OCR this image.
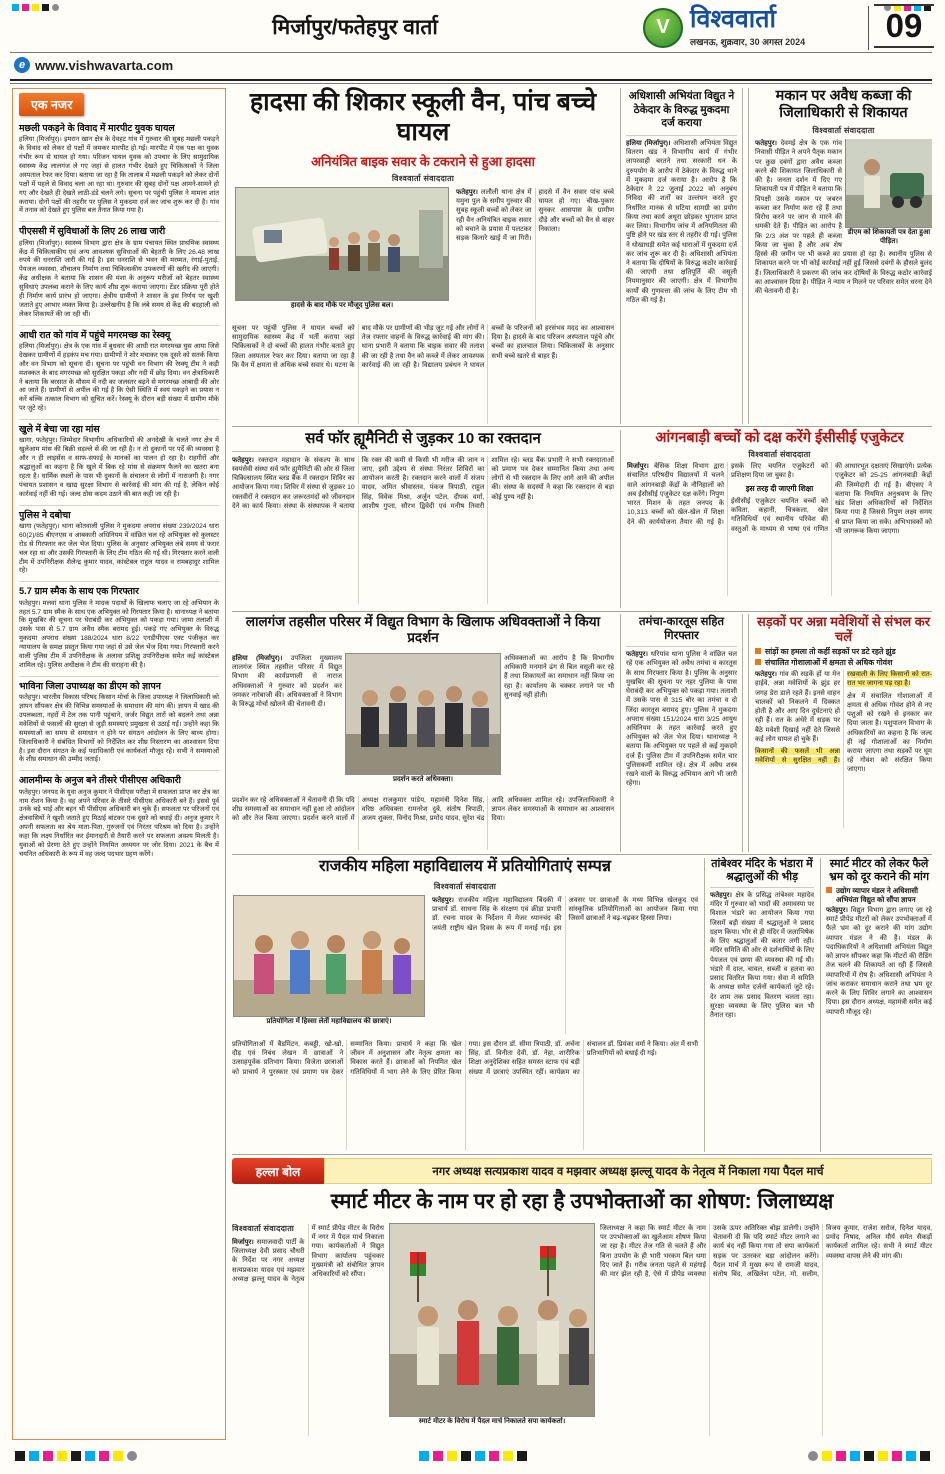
मिर्जापुर/फतेहपुर वार्ता	V विश्ववार्ता
लखनऊ, शुक्रवार, 30 अगस्त 2024 09
e www.vishwavarta.com
एक नजर
मछली पकड़ने के विवाद में मारपीट युवक घायल
हलिया (मिर्जापुर)। इमरान खान क्षेत्र के देवहट गांव में गुरुवार की सुबह मछली पकड़ने के विवाद को लेकर दो पक्षों में जमकर मारपीट हो गई। मारपीट में एक पक्ष का युवक गंभीर रूप से घायल हो गया। परिजन घायल युवक को उपचार के लिए सामुदायिक स्वास्थ्य केंद्र लालगंज ले गए जहां से हालत गंभीर देखते हुए चिकित्सकों ने जिला अस्पताल रेफर कर दिया। बताया जा रहा है कि तालाब में मछली पकड़ने को लेकर दोनों पक्षों में पहले से विवाद चला आ रहा था। गुरुवार की सुबह दोनों पक्ष आमने-सामने हो गए और देखते ही देखते लाठी-डंडे चलने लगे। सूचना पर पहुंची पुलिस ने मामला शांत कराया। दोनों पक्षों की तहरीर पर पुलिस ने मुकदमा दर्ज कर जांच शुरू कर दी है। गांव में तनाव को देखते हुए पुलिस बल तैनात किया गया है।
पीएससी में सुविधाओं के लिए 26 लाख जारी
हलिया (मिर्जापुर)। स्वास्थ्य विभाग द्वारा क्षेत्र के ग्राम पंचायत स्थित प्राथमिक स्वास्थ्य केंद्र में चिकित्सकीय एवं अन्य आवश्यक सुविधाओं की बेहतरी के लिए 26.48 लाख रुपये की धनराशि जारी की गई है। इस धनराशि से भवन की मरम्मत, रंगाई-पुताई, पेयजल व्यवस्था, शौचालय निर्माण तथा चिकित्सकीय उपकरणों की खरीद की जाएगी। केंद्र अधीक्षक ने बताया कि शासन की मंशा के अनुरूप मरीजों को बेहतर स्वास्थ्य सुविधाएं उपलब्ध कराने के लिए कार्य शीघ्र शुरू कराया जाएगा। टेंडर प्रक्रिया पूरी होते ही निर्माण कार्य प्रारंभ हो जाएगा। क्षेत्रीय ग्रामीणों ने शासन के इस निर्णय पर खुशी जताते हुए आभार व्यक्त किया है। उल्लेखनीय है कि लंबे समय से केंद्र की बदहाली को लेकर शिकायतें की जा रही थीं।
आधी रात को गांव में पहुंचे मगरमच्छ का रेस्क्यू
हलिया (मिर्जापुर)। क्षेत्र के एक गांव में बुधवार की आधी रात मगरमच्छ घुस आया जिसे देखकर ग्रामीणों में हड़कंप मच गया। ग्रामीणों ने शोर मचाकर एक दूसरे को सतर्क किया और वन विभाग को सूचना दी। सूचना पर पहुंची वन विभाग की रेस्क्यू टीम ने कड़ी मशक्कत के बाद मगरमच्छ को सुरक्षित पकड़ा और नदी में छोड़ दिया। वन क्षेत्राधिकारी ने बताया कि बरसात के मौसम में नदी का जलस्तर बढ़ने से मगरमच्छ आबादी की ओर आ जाते हैं। ग्रामीणों से अपील की गई है कि ऐसी स्थिति में स्वयं पकड़ने का प्रयास न करें बल्कि तत्काल विभाग को सूचित करें। रेस्क्यू के दौरान बड़ी संख्या में ग्रामीण मौके पर जुटे रहे।
खुले में बेचा जा रहा मांस
खागा, फतेहपुर। जिम्मेदार विभागीय अधिकारियों की अनदेखी के चलते नगर क्षेत्र में खुलेआम मांस की बिक्री धड़ल्ले से की जा रही है। न तो दुकानों पर पर्दे की व्यवस्था है और न ही लाइसेंस व साफ-सफाई के मानकों का पालन हो रहा है। राहगीरों और श्रद्धालुओं का कहना है कि खुले में बिक रहे मांस से संक्रमण फैलने का खतरा बना रहता है। धार्मिक स्थलों के पास भी दुकानों के संचालन से लोगों में नाराजगी है। नगर पंचायत प्रशासन व खाद्य सुरक्षा विभाग से कार्रवाई की मांग की गई है, लेकिन कोई कार्रवाई नहीं की गई। जल्द ठोस कदम उठाने की बात कही जा रही है।
पुलिस ने दबोचा
खागा (फतेहपुर)। थाना कोतवाली पुलिस ने मुकदमा अपराध संख्या 239/2024 धारा 60(2)/85 बीएनएस व आबकारी अधिनियम में वांछित चल रहे अभियुक्त को कुलस्टर रोड से गिरफ्तार कर जेल भेज दिया। पुलिस के अनुसार अभियुक्त लंबे समय से फरार चल रहा था और उसकी गिरफ्तारी के लिए टीम गठित की गई थी। गिरफ्तार करने वाली टीम में उपनिरीक्षक शैलेन्द्र कुमार यादव, कांस्टेबल राहुल यादव व रामबहादुर शामिल रहे।
5.7 ग्राम स्मैक के साथ एक गिरफ्तार
फतेहपुर। मलवां थाना पुलिस ने मादक पदार्थों के खिलाफ चलाए जा रहे अभियान के तहत 5.7 ग्राम स्मैक के साथ एक अभियुक्त को गिरफ्तार किया है। थानाध्यक्ष ने बताया कि मुखबिर की सूचना पर घेराबंदी कर अभियुक्त को पकड़ा गया। जामा तलाशी में उसके पास से 5.7 ग्राम अवैध स्मैक बरामद हुई। पकड़े गए अभियुक्त के विरुद्ध मुकदमा अपराध संख्या 188/2024 धारा 8/22 एनडीपीएस एक्ट पंजीकृत कर न्यायालय के समक्ष प्रस्तुत किया गया जहां से उसे जेल भेज दिया गया। गिरफ्तारी करने वाली पुलिस टीम में उपनिरीक्षक के अलावा प्रशिक्षु उपनिरीक्षक समेत कई कांस्टेबल शामिल रहे। पुलिस अधीक्षक ने टीम की सराहना की है।
भाविना जिला उपाध्यक्ष का डीएम को ज्ञापन
फतेहपुर। भारतीय विकास परिषद किसान मोर्चा के जिला उपाध्यक्ष ने जिलाधिकारी को ज्ञापन सौंपकर क्षेत्र की विभिन्न समस्याओं के समाधान की मांग की। ज्ञापन में खाद की उपलब्धता, नहरों में टेल तक पानी पहुंचाने, जर्जर विद्युत तारों को बदलने तथा अन्ना मवेशियों से फसलों की सुरक्षा से जुड़ी समस्याएं प्रमुखता से उठाई गईं। उन्होंने कहा कि समस्याओं का समय से समाधान न होने पर संगठन आंदोलन के लिए बाध्य होगा। जिलाधिकारी ने संबंधित विभागों को निर्देशित कर शीघ्र निस्तारण का आश्वासन दिया है। इस दौरान संगठन के कई पदाधिकारी एवं कार्यकर्ता मौजूद रहे। सभी ने समस्याओं के शीघ्र समाधान की उम्मीद जताई।
आलमीम्स के अनुज बने तीसरे पीसीएस अधिकारी
फतेहपुर। जनपद के युवा अनुज कुमार ने पीसीएस परीक्षा में सफलता प्राप्त कर क्षेत्र का नाम रोशन किया है। वह अपने परिवार के तीसरे पीसीएस अधिकारी बने हैं। इससे पूर्व उनके बड़े भाई और बहन भी पीसीएस अधिकारी बन चुके हैं। सफलता पर परिजनों एवं क्षेत्रवासियों ने खुशी जताते हुए मिठाई बांटकर एक दूसरे को बधाई दी। अनुज कुमार ने अपनी सफलता का श्रेय माता-पिता, गुरुजनों एवं निरंतर परिश्रम को दिया है। उन्होंने कहा कि लक्ष्य निर्धारित कर ईमानदारी से तैयारी करने पर सफलता अवश्य मिलती है। युवाओं को प्रेरणा देते हुए उन्होंने नियमित अध्ययन पर जोर दिया। 2021 के बैच में चयनित अधिकारी के रूप में वह जल्द पदभार ग्रहण करेंगे।
हादसा की शिकार स्कूली वैन, पांच बच्चे घायल
अनियंत्रित बाइक सवार के टकराने से हुआ हादसा
विश्ववार्ता संवाददाता
हादसे के बाद मौके पर मौजूद पुलिस बल।

फतेहपुर। ललौली थाना क्षेत्र में यमुना पुल के समीप गुरुवार की सुबह स्कूली बच्चों को लेकर जा रही वैन अनियंत्रित बाइक सवार को बचाने के प्रयास में पलटकर सड़क किनारे खाई में जा गिरी। हादसे में वैन सवार पांच बच्चे घायल हो गए। चीख-पुकार सुनकर आसपास के ग्रामीण दौड़े और बच्चों को वैन से बाहर निकाला।

सूचना पर पहुंची पुलिस ने घायल बच्चों को सामुदायिक स्वास्थ्य केंद्र में भर्ती कराया जहां चिकित्सकों ने दो बच्चों की हालत गंभीर बताते हुए जिला अस्पताल रेफर कर दिया। बताया जा रहा है कि वैन में क्षमता से अधिक बच्चे सवार थे। घटना के बाद मौके पर ग्रामीणों की भीड़ जुट गई और लोगों ने तेज रफ्तार वाहनों के विरुद्ध कार्रवाई की मांग की। थाना प्रभारी ने बताया कि बाइक सवार की तलाश की जा रही है तथा वैन को कब्जे में लेकर आवश्यक कार्रवाई की जा रही है। विद्यालय प्रबंधन ने घायल बच्चों के परिजनों को हरसंभव मदद का आश्वासन दिया है। हादसे के बाद परिजन अस्पताल पहुंचे और बच्चों का हालचाल लिया। चिकित्सकों के अनुसार सभी बच्चे खतरे से बाहर हैं।

अधिशासी अभियंता विद्युत ने ठेकेदार के विरुद्ध मुकदमा दर्ज कराया

हलिया (मिर्जापुर)। अधिशासी अभियंता विद्युत वितरण खंड ने विभागीय कार्य में गंभीर लापरवाही बरतने तथा सरकारी धन के दुरुपयोग के आरोप में ठेकेदार के विरुद्ध थाने में मुकदमा दर्ज कराया है। आरोप है कि ठेकेदार ने 22 जुलाई 2022 को अनुबंध निविदा की शर्तों का उल्लंघन करते हुए निर्धारित मानक से घटिया सामग्री का प्रयोग किया तथा कार्य अधूरा छोड़कर भुगतान प्राप्त कर लिया। विभागीय जांच में अनियमितता की पुष्टि होने पर खंड स्तर से तहरीर दी गई। पुलिस ने धोखाधड़ी समेत कई धाराओं में मुकदमा दर्ज कर जांच शुरू कर दी है। अधिशासी अभियंता ने बताया कि दोषियों के विरुद्ध कठोर कार्रवाई की जाएगी तथा क्षतिपूर्ति की वसूली नियमानुसार की जाएगी। क्षेत्र में विभागीय कार्यों की गुणवत्ता की जांच के लिए टीम भी गठित की गई है।

मकान पर अवैध कब्जा की जिलाधिकारी से शिकायत
विश्ववार्ता संवाददाता
डीएम को शिकायती पत्र देता हुआ पीड़ित।

फतेहपुर। देवमई क्षेत्र के एक गांव निवासी पीड़ित ने अपने पैतृक मकान पर कुछ दबंगों द्वारा अवैध कब्जा करने की शिकायत जिलाधिकारी से की है। जनता दर्शन में दिए गए शिकायती पत्र में पीड़ित ने बताया कि विपक्षी उसके मकान पर जबरन कब्जा कर निर्माण करा रहे हैं तथा विरोध करने पर जान से मारने की धमकी देते हैं। पीड़ित का आरोप है कि 2/3 अंश पर पहले ही कब्जा किया जा चुका है और अब शेष हिस्से की जमीन पर भी कब्जे का प्रयास हो रहा है। स्थानीय पुलिस से शिकायत करने पर भी कोई कार्रवाई नहीं हुई जिससे दबंगों के हौसले बुलंद हैं। जिलाधिकारी ने प्रकरण की जांच कर दोषियों के विरुद्ध कठोर कार्रवाई का आश्वासन दिया है। पीड़ित ने न्याय न मिलने पर परिवार समेत धरना देने की चेतावनी दी है।

सर्व फॉर ह्यूमैनिटी से जुड़कर 10 का रक्तदान

फतेहपुर। रक्तदान महादान के संकल्प के साथ स्वयंसेवी संस्था सर्व फॉर ह्यूमैनिटी की ओर से जिला चिकित्सालय स्थित ब्लड बैंक में रक्तदान शिविर का आयोजन किया गया। शिविर में संस्था से जुड़कर 10 रक्तवीरों ने रक्तदान कर जरूरतमंदों को जीवनदान देने का कार्य किया। संस्था के संस्थापक ने बताया कि रक्त की कमी से किसी भी मरीज की जान न जाए, इसी उद्देश्य से संस्था निरंतर शिविरों का आयोजन करती है। रक्तदान करने वालों में संजय यादव, अमित श्रीवास्तव, पंकज त्रिपाठी, राहुल सिंह, विवेक मिश्रा, अर्जुन पटेल, दीपक वर्मा, आशीष गुप्ता, सौरभ द्विवेदी एवं मनीष तिवारी शामिल रहे। ब्लड बैंक प्रभारी ने सभी रक्तदाताओं को प्रमाण पत्र देकर सम्मानित किया तथा अन्य लोगों से भी रक्तदान के लिए आगे आने की अपील की। संस्था के सदस्यों ने कहा कि रक्तदान से बड़ा कोई पुण्य नहीं है।

आंगनबाड़ी बच्चों को दक्ष करेंगे ईसीसीई एजुकेटर
विश्ववार्ता संवाददाता

मिर्जापुर। बेसिक शिक्षा विभाग द्वारा संचालित परिषदीय विद्यालयों में चलने वाले आंगनबाड़ी केंद्रों के नौनिहालों को अब ईसीसीई एजुकेटर दक्ष करेंगे। निपुण भारत मिशन के तहत जनपद के 10,313 बच्चों को खेल-खेल में शिक्षा देने की कार्ययोजना तैयार की गई है। इसके लिए चयनित एजुकेटरों को प्रशिक्षण दिया जा चुका है।

इस तरह दी जाएगी शिक्षा

ईसीसीई एजुकेटर चयनित बच्चों को कविता, कहानी, चित्रकला, खेल गतिविधियों एवं स्थानीय परिवेश की वस्तुओं के माध्यम से भाषा एवं गणित की आधारभूत दक्षताएं सिखाएंगे। प्रत्येक एजुकेटर को 25-25 आंगनबाड़ी केंद्रों की जिम्मेदारी दी गई है। बीएसए ने बताया कि नियमित अनुश्रवण के लिए खंड शिक्षा अधिकारियों को निर्देशित किया गया है जिससे निपुण लक्ष्य समय से प्राप्त किया जा सके। अभिभावकों को भी जागरूक किया जाएगा।

लालगंज तहसील परिसर में विद्युत विभाग के खिलाफ अधिवक्ताओं ने किया प्रदर्शन

हलिया (मिर्जापुर)। उपजिला मुख्यालय लालगंज स्थित तहसील परिसर में विद्युत विभाग की कार्यप्रणाली से नाराज अधिवक्ताओं ने गुरुवार को प्रदर्शन कर जमकर नारेबाजी की। अधिवक्ताओं ने विभाग के विरुद्ध मोर्चा खोलने की चेतावनी दी।

प्रदर्शन करते अधिवक्ता।

अधिवक्ताओं का आरोप है कि विभागीय अधिकारी मनमाने ढंग से बिल वसूली कर रहे हैं तथा शिकायतों का समाधान नहीं किया जा रहा है। कार्यालय के चक्कर लगाने पर भी सुनवाई नहीं होती।

प्रदर्शन कर रहे अधिवक्ताओं ने चेतावनी दी कि यदि शीघ्र समस्याओं का समाधान नहीं हुआ तो आंदोलन को और तेज किया जाएगा। प्रदर्शन करने वालों में अध्यक्ष राजकुमार पांडेय, महामंत्री दिनेश सिंह, वरिष्ठ अधिवक्ता रामनरेश दुबे, संतोष त्रिपाठी, अजय शुक्ला, विनोद मिश्रा, प्रमोद यादव, सुरेश चंद्र आदि अधिवक्ता शामिल रहे। उपजिलाधिकारी ने ज्ञापन लेकर समस्याओं के समाधान का आश्वासन दिया।

तमंचा-कारतूस सहित गिरफ्तार

फतेहपुर। थरियांव थाना पुलिस ने वांछित चल रहे एक अभियुक्त को अवैध तमंचा व कारतूस के साथ गिरफ्तार किया है। पुलिस के अनुसार मुखबिर की सूचना पर नहर पुलिया के पास घेराबंदी कर अभियुक्त को पकड़ा गया। तलाशी में उसके पास से 315 बोर का तमंचा व दो जिंदा कारतूस बरामद हुए। पुलिस ने मुकदमा अपराध संख्या 151/2024 धारा 3/25 आयुध अधिनियम के तहत कार्रवाई करते हुए अभियुक्त को जेल भेज दिया। थानाध्यक्ष ने बताया कि अभियुक्त पर पहले से कई मुकदमे दर्ज हैं। पुलिस टीम में उपनिरीक्षक समेत चार पुलिसकर्मी शामिल रहे। क्षेत्र में अवैध शस्त्र रखने वालों के विरुद्ध अभियान आगे भी जारी रहेगा।

सड़कों पर अन्ना मवेशियों से संभल कर चलें
सांड़ों का हमला तो कहीं सड़कों पर डटे रहते झुंड
संचालित गोशालाओं में क्षमता से अधिक गोवंश

फतेहपुर। गांव की सड़कें हों या मेन हाईवे, अन्ना मवेशियों के झुंड हर जगह डेरा डाले रहते हैं। इनसे वाहन चालकों को निकलने में दिक्कत होती है और आए दिन दुर्घटनाएं हो रही हैं। रात के अंधेरे में सड़क पर बैठे मवेशी दिखाई नहीं देते जिससे कई लोग घायल हो चुके हैं।

किसानों की फसलें भी अन्ना मवेशियों से सुरक्षित नहीं हैं। रखवाली के लिए किसानों को रात-रात भर जागना पड़ रहा है।

क्षेत्र में संचालित गोशालाओं में क्षमता से अधिक गोवंश होने से नए पशुओं को रखने से इनकार कर दिया जाता है। पशुपालन विभाग के अधिकारियों का कहना है कि जल्द ही नई गोशालाओं का निर्माण कराया जाएगा तथा सड़कों पर घूम रहे गोवंश को संरक्षित किया जाएगा।

राजकीय महिला महाविद्यालय में प्रतियोगिताएं सम्पन्न
विश्ववार्ता संवाददाता
प्रतियोगिता में हिस्सा लेतीं महाविद्यालय की छात्राएं।

फतेहपुर। राजकीय महिला महाविद्यालय बिंदकी में प्राचार्य डॉ. साधना सिंह के संरक्षण एवं क्रीड़ा प्रभारी डॉ. रचना यादव के निर्देशन में मेजर ध्यानचंद की जयंती राष्ट्रीय खेल दिवस के रूप में मनाई गई। इस अवसर पर छात्राओं के मध्य विभिन्न खेलकूद एवं सांस्कृतिक प्रतियोगिताओं का आयोजन किया गया जिसमें छात्राओं ने बढ़-चढ़कर हिस्सा लिया।

प्रतियोगिताओं में बैडमिंटन, कबड्डी, खो-खो, दौड़ एवं निबंध लेखन में छात्राओं ने उत्साहपूर्वक प्रतिभाग किया। विजेता छात्राओं को प्राचार्य ने पुरस्कार एवं प्रमाण पत्र देकर सम्मानित किया। प्राचार्य ने कहा कि खेल जीवन में अनुशासन और नेतृत्व क्षमता का विकास करते हैं। छात्राओं को नियमित खेल गतिविधियों में भाग लेने के लिए प्रेरित किया गया। इस दौरान डॉ. सीमा त्रिपाठी, डॉ. अर्चना सिंह, डॉ. विनीता देवी, डॉ. नेहा, शारीरिक शिक्षा अनुदेशिका सहित समस्त स्टाफ एवं बड़ी संख्या में छात्राएं उपस्थित रहीं। कार्यक्रम का संचालन डॉ. प्रियंका वर्मा ने किया। अंत में सभी प्रतिभागियों को बधाई दी गई।

तांबेश्वर मंदिर के भंडारा में श्रद्धालुओं की भीड़

फतेहपुर। क्षेत्र के प्रसिद्ध तांबेश्वर महादेव मंदिर में गुरुवार को भादों की अमावस्या पर विशाल भंडारे का आयोजन किया गया जिसमें बड़ी संख्या में श्रद्धालुओं ने प्रसाद ग्रहण किया। भोर से ही मंदिर में जलाभिषेक के लिए श्रद्धालुओं की कतार लगी रही। मंदिर समिति की ओर से दर्शनार्थियों के लिए पेयजल एवं छाया की व्यवस्था की गई थी। भंडारे में दाल, चावल, सब्जी व हलवा का प्रसाद वितरित किया गया। सेवा में समिति के अध्यक्ष समेत दर्जनों कार्यकर्ता जुटे रहे। देर शाम तक प्रसाद वितरण चलता रहा। सुरक्षा व्यवस्था के लिए पुलिस बल भी तैनात रहा।

स्मार्ट मीटर को लेकर फैले भ्रम को दूर कराने की मांग
उद्योग व्यापार मंडल ने अधिशासी अभियंता विद्युत को सौंपा ज्ञापन

फतेहपुर। विद्युत विभाग द्वारा लगाए जा रहे स्मार्ट प्रीपेड मीटरों को लेकर उपभोक्ताओं में फैले भ्रम को दूर कराने की मांग उद्योग व्यापार मंडल ने की है। मंडल के पदाधिकारियों ने अधिशासी अभियंता विद्युत को ज्ञापन सौंपकर कहा कि मीटरों की रीडिंग तेज चलने की शिकायतें आ रही हैं जिससे व्यापारियों में रोष है। अधिशासी अभियंता ने जांच कराकर समाधान कराने तथा भ्रम दूर करने के लिए शिविर लगाने का आश्वासन दिया। इस दौरान अध्यक्ष, महामंत्री समेत कई व्यापारी मौजूद रहे।

हल्ला बोल	नगर अध्यक्ष सत्यप्रकाश यादव व मझवार अध्यक्ष झल्लू यादव के नेतृत्व में निकाला गया पैदल मार्च
स्मार्ट मीटर के नाम पर हो रहा है उपभोक्ताओं का शोषण: जिलाध्यक्ष

विश्ववार्ता संवाददाता

मिर्जापुर। समाजवादी पार्टी के जिलाध्यक्ष देवी प्रसाद चौधरी के निर्देश पर नगर अध्यक्ष सत्यप्रकाश यादव एवं मझवार अध्यक्ष झल्लू यादव के नेतृत्व में स्मार्ट प्रीपेड मीटर के विरोध में नगर में पैदल मार्च निकाला गया। कार्यकर्ताओं ने विद्युत विभाग कार्यालय पहुंचकर मुख्यमंत्री को संबोधित ज्ञापन अधिकारियों को सौंपा।

स्मार्ट मीटर के विरोध में पैदल मार्च निकालते सपा कार्यकर्ता।

जिलाध्यक्ष ने कहा कि स्मार्ट मीटर के नाम पर उपभोक्ताओं का खुलेआम शोषण किया जा रहा है। मीटर तेज गति से चलते हैं और बिना उपयोग के ही भारी भरकम बिल थमा दिए जाते हैं। गरीब जनता पहले से महंगाई की मार झेल रही है, ऐसे में प्रीपेड व्यवस्था उसके ऊपर अतिरिक्त बोझ डालेगी। उन्होंने चेतावनी दी कि यदि स्मार्ट मीटर लगाने का कार्य बंद नहीं किया गया तो सपा कार्यकर्ता सड़क पर उतरकर बड़ा आंदोलन करेंगे। पैदल मार्च में मुख्य रूप से रामजी यादव, संतोष बिंद, अखिलेश पटेल, मो. सलीम, विजय कुमार, राजेश सरोज, दिनेश यादव, प्रमोद निषाद, अनिल मौर्य समेत सैकड़ों कार्यकर्ता शामिल रहे। सभी ने स्मार्ट मीटर व्यवस्था वापस लेने की मांग की।
